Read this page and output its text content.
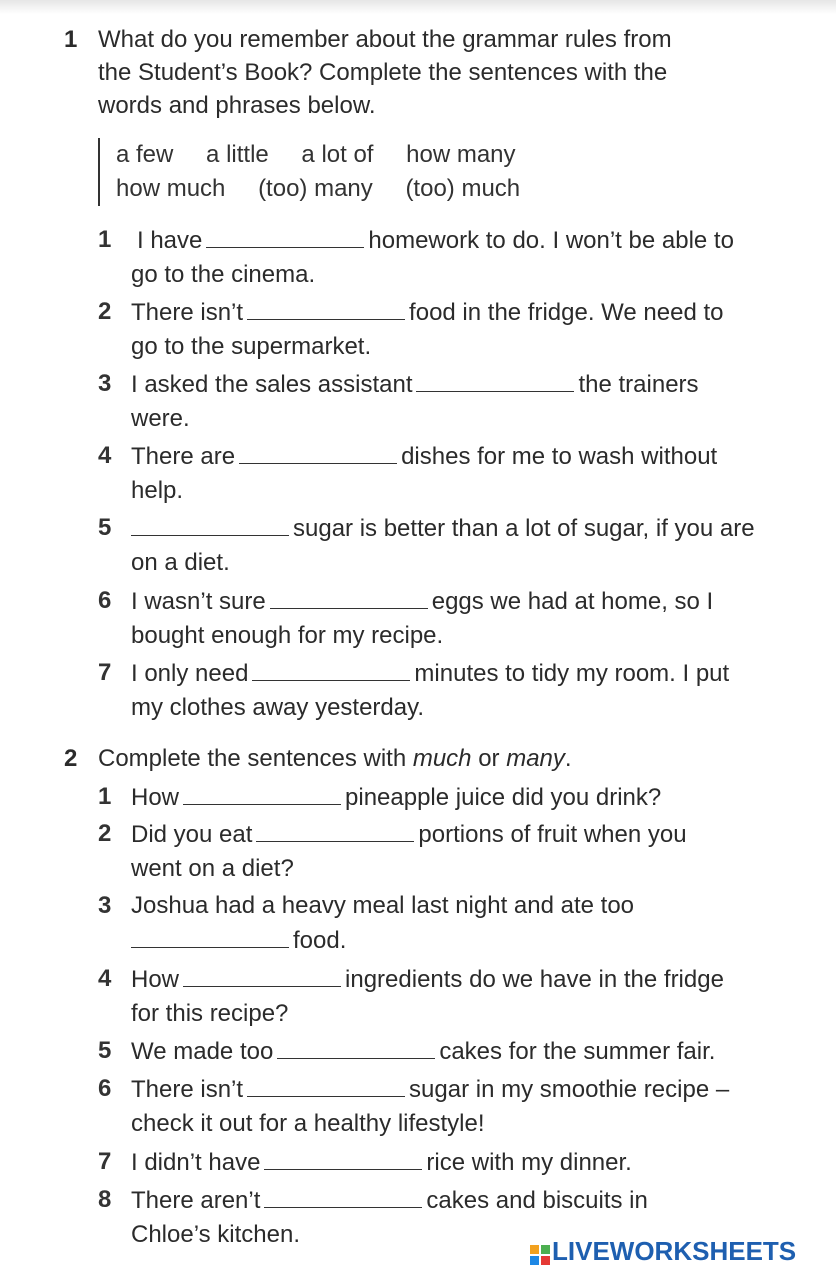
1 What do you remember about the grammar rules from
the Student’s Book? Complete the sentences with the
words and phrases below.
a few a little a lot of how many
how much (too) many (too) much
1 I have	homework to do. I won’t be able to
go to the cinema.
2 There isn’t	food in the fridge. We need to
go to the supermarket.
3 I asked the sales assistant	the trainers
were.
4 There are	dishes for me to wash without
help.
5	sugar is better than a lot of sugar, if you are
on a diet.
6 I wasn’t sure	eggs we had at home, so I
bought enough for my recipe.
7 I only need	minutes to tidy my room. I put
my clothes away yesterday.
2 Complete the sentences with much or many.
1 How	pineapple juice did you drink?
2 Did you eat	portions of fruit when you
went on a diet?
3 Joshua had a heavy meal last night and ate too
food.
4 How	ingredients do we have in the fridge
for this recipe?
5 We made too	cakes for the summer fair.
6 There isn’t	sugar in my smoothie recipe –
check it out for a healthy lifestyle!
7 I didn’t have	rice with my dinner.
8 There aren’t	cakes and biscuits in
Chloe’s kitchen.
LIVEWORKSHEETS
